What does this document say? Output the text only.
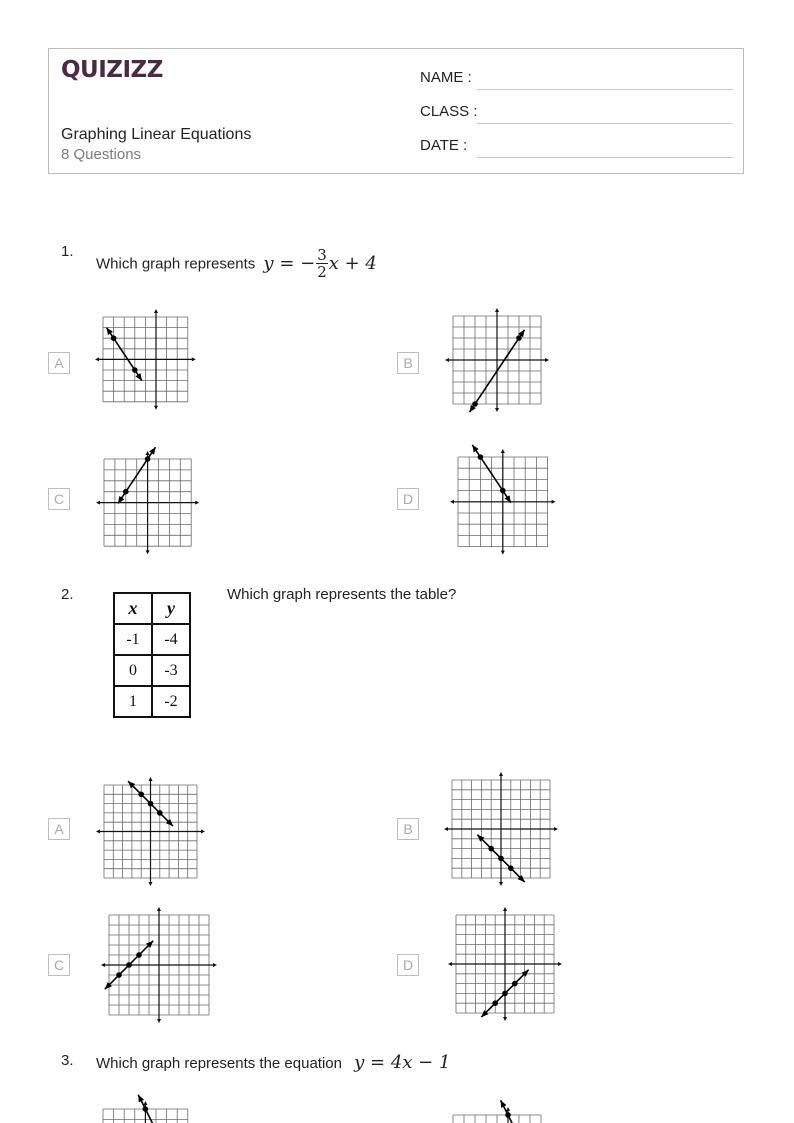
QUIZIZZ
Graphing Linear Equations
8 Questions
NAME :
CLASS :
DATE :
1.
Which graph represents y = − $\frac{3}{2}$ x + 4
A	B
C	D
2.
x	y
-1	-4
0	-3
1	-2
Which graph represents the table?
A	B
C	D
3. Which graph represents the equation y = 4x − 1
